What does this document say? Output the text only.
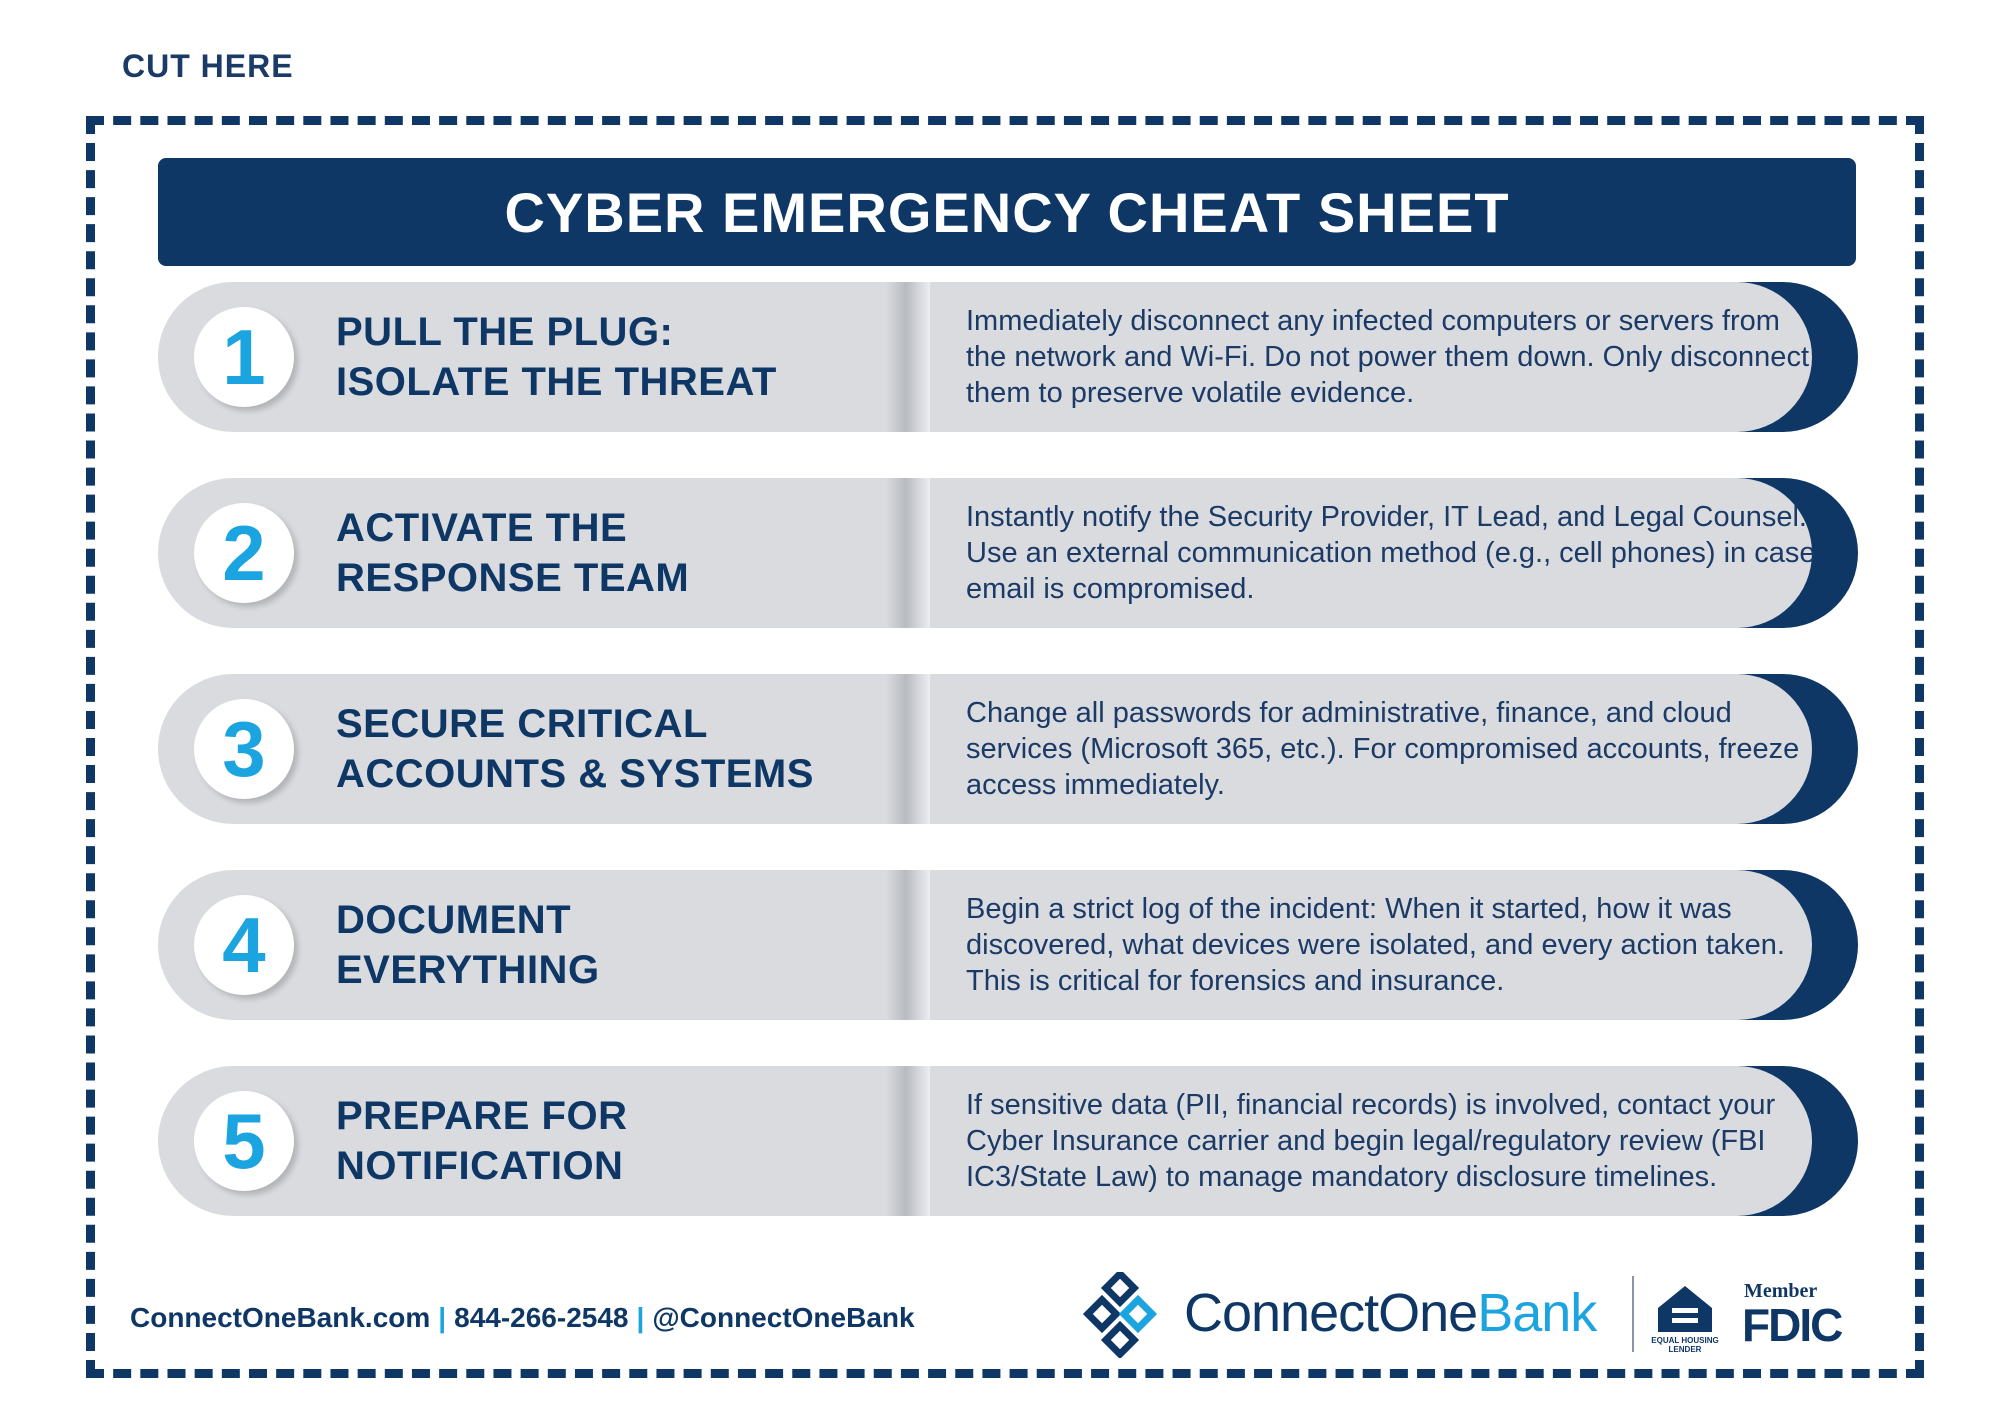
CUT HERE
CYBER EMERGENCY CHEAT SHEET
1 PULL THE PLUG:
ISOLATE THE THREAT
Immediately disconnect any infected computers or servers from the network and Wi-Fi. Do not power them down. Only disconnect them to preserve volatile evidence.
2 ACTIVATE THE
RESPONSE TEAM
Instantly notify the Security Provider, IT Lead, and Legal Counsel. Use an external communication method (e.g., cell phones) in case email is compromised.
3 SECURE CRITICAL
ACCOUNTS & SYSTEMS
Change all passwords for administrative, finance, and cloud services (Microsoft 365, etc.). For compromised accounts, freeze access immediately.
4 DOCUMENT
EVERYTHING
Begin a strict log of the incident: When it started, how it was discovered, what devices were isolated, and every action taken. This is critical for forensics and insurance.
5 PREPARE FOR
NOTIFICATION
If sensitive data (PII, financial records) is involved, contact your Cyber Insurance carrier and begin legal/regulatory review (FBI IC3/State Law) to manage mandatory disclosure timelines.
ConnectOneBank.com | 844-266-2548 | @ConnectOneBank	ConnectOneBank	EQUAL HOUSING
LENDER
Member
FDIC
